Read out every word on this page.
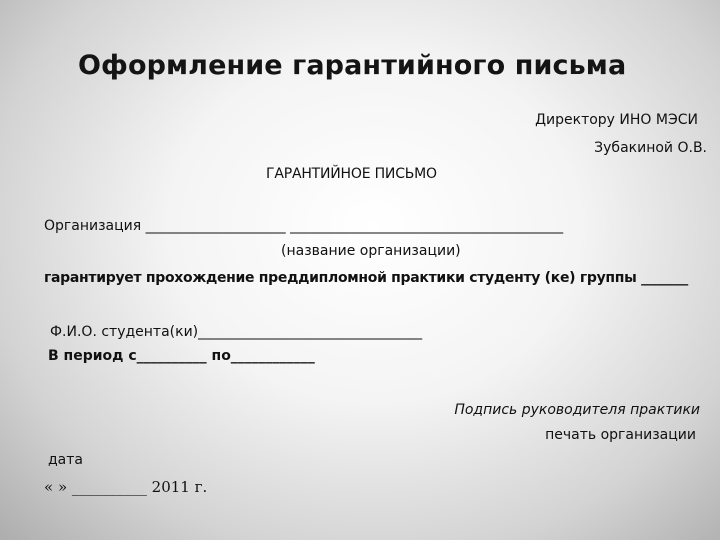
Оформление гарантийного письма
Директору ИНО МЭСИ
Зубакиной О.В.
ГАРАНТИЙНОЕ ПИСЬМО
Организация ____________________ _______________________________________
(название организации)
гарантирует прохождение преддипломной практики студенту (ке) группы _______
Ф.И.О. студента(ки)________________________________
В период с__________ по____________
Подпись руководителя практики
печать организации
дата
« » __________ 2011 г.
